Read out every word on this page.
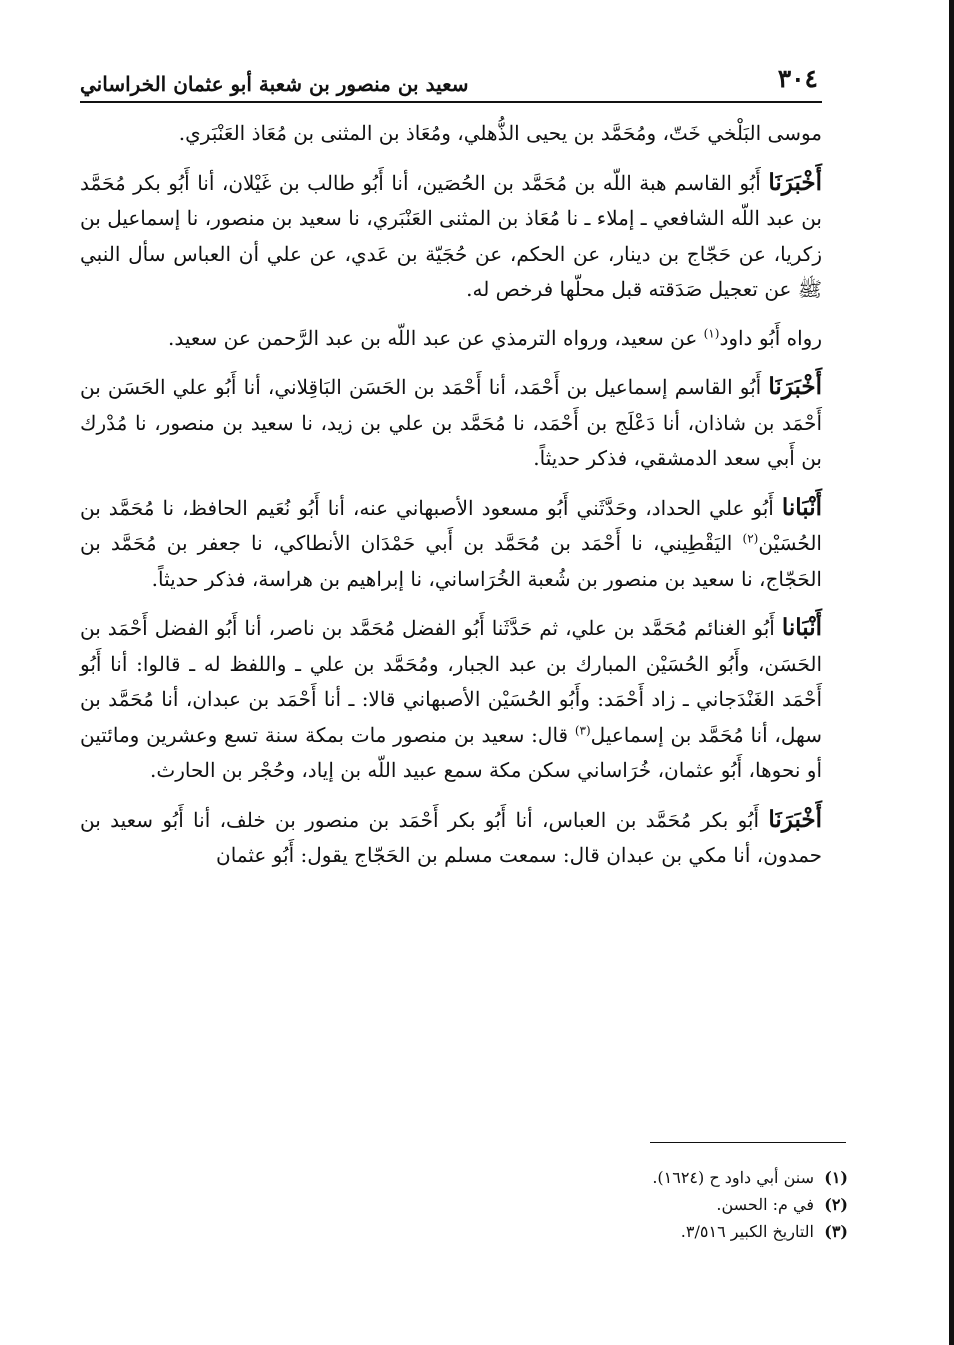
٣٠٤
سعيد بن منصور بن شعبة أبو عثمان الخراساني

موسى البَلْخي خَتّ، ومُحَمَّد بن يحيى الذُّهلي، ومُعَاذ بن المثنى بن مُعَاذ العَنْبَري.

أَخْبَرَنَا أَبُو القاسم هبة اللّه بن مُحَمَّد بن الحُصَين، أنا أَبُو طالب بن غَيْلان، أنا أَبُو بكر مُحَمَّد بن عبد اللّه الشافعي ـ إملاء ـ نا مُعَاذ بن المثنى العَنْبَري، نا سعيد بن منصور، نا إسماعيل بن زكريا، عن حَجّاج بن دينار، عن الحكم، عن حُجَيّة بن عَدي، عن علي أن العباس سأل النبي ﷺ عن تعجيل صَدَقته قبل محلّها فرخص له.

رواه أَبُو داود$^{(١)}$ عن سعيد، ورواه الترمذي عن عبد اللّه بن عبد الرَّحمن عن سعيد.

أَخْبَرَنَا أَبُو القاسم إسماعيل بن أَحْمَد، أنا أَحْمَد بن الحَسَن البَاقِلاني، أنا أَبُو علي الحَسَن بن أَحْمَد بن شاذان، أنا دَعْلَج بن أَحْمَد، نا مُحَمَّد بن علي بن زيد، نا سعيد بن منصور، نا مُدْرك بن أَبي سعد الدمشقي، فذكر حديثاً.

أَنْبَانا أَبُو علي الحداد، وحَدَّثَني أَبُو مسعود الأصبهاني عنه، أنا أَبُو نُعَيم الحافظ، نا مُحَمَّد بن الحُسَيْن$^{(٢)}$ اليَقْطِيني، نا أَحْمَد بن مُحَمَّد بن أَبي حَمْدَان الأنطاكي، نا جعفر بن مُحَمَّد بن الحَجّاج، نا سعيد بن منصور بن شُعبة الخُرَاساني، نا إبراهيم بن هراسة، فذكر حديثاً.

أَنْبَانا أَبُو الغنائم مُحَمَّد بن علي، ثم حَدَّثَنا أَبُو الفضل مُحَمَّد بن ناصر، أنا أَبُو الفضل أَحْمَد بن الحَسَن، وأَبُو الحُسَيْن المبارك بن عبد الجبار، ومُحَمَّد بن علي ـ واللفظ له ـ قالوا: أنا أَبُو أَحْمَد الغَنْدَجاني ـ زاد أَحْمَد: وأَبُو الحُسَيْن الأصبهاني قالا: ـ أنا أَحْمَد بن عبدان، أنا مُحَمَّد بن سهل، أنا مُحَمَّد بن إسماعيل$^{(٣)}$ قال: سعيد بن منصور مات بمكة سنة تسع وعشرين ومائتين أو نحوها، أَبُو عثمان، خُرَاساني سكن مكة سمع عبيد اللّه بن إياد، وحُجْر بن الحارث.

أَخْبَرَنَا أَبُو بكر مُحَمَّد بن العباس، أنا أَبُو بكر أَحْمَد بن منصور بن خلف، أنا أَبُو سعيد بن حمدون، أنا مكي بن عبدان قال: سمعت مسلم بن الحَجّاج يقول: أَبُو عثمان

(١)سنن أبي داود ح (١٦٢٤).
(٢)في م: الحسن.
(٣)التاريخ الكبير ٣/٥١٦.
